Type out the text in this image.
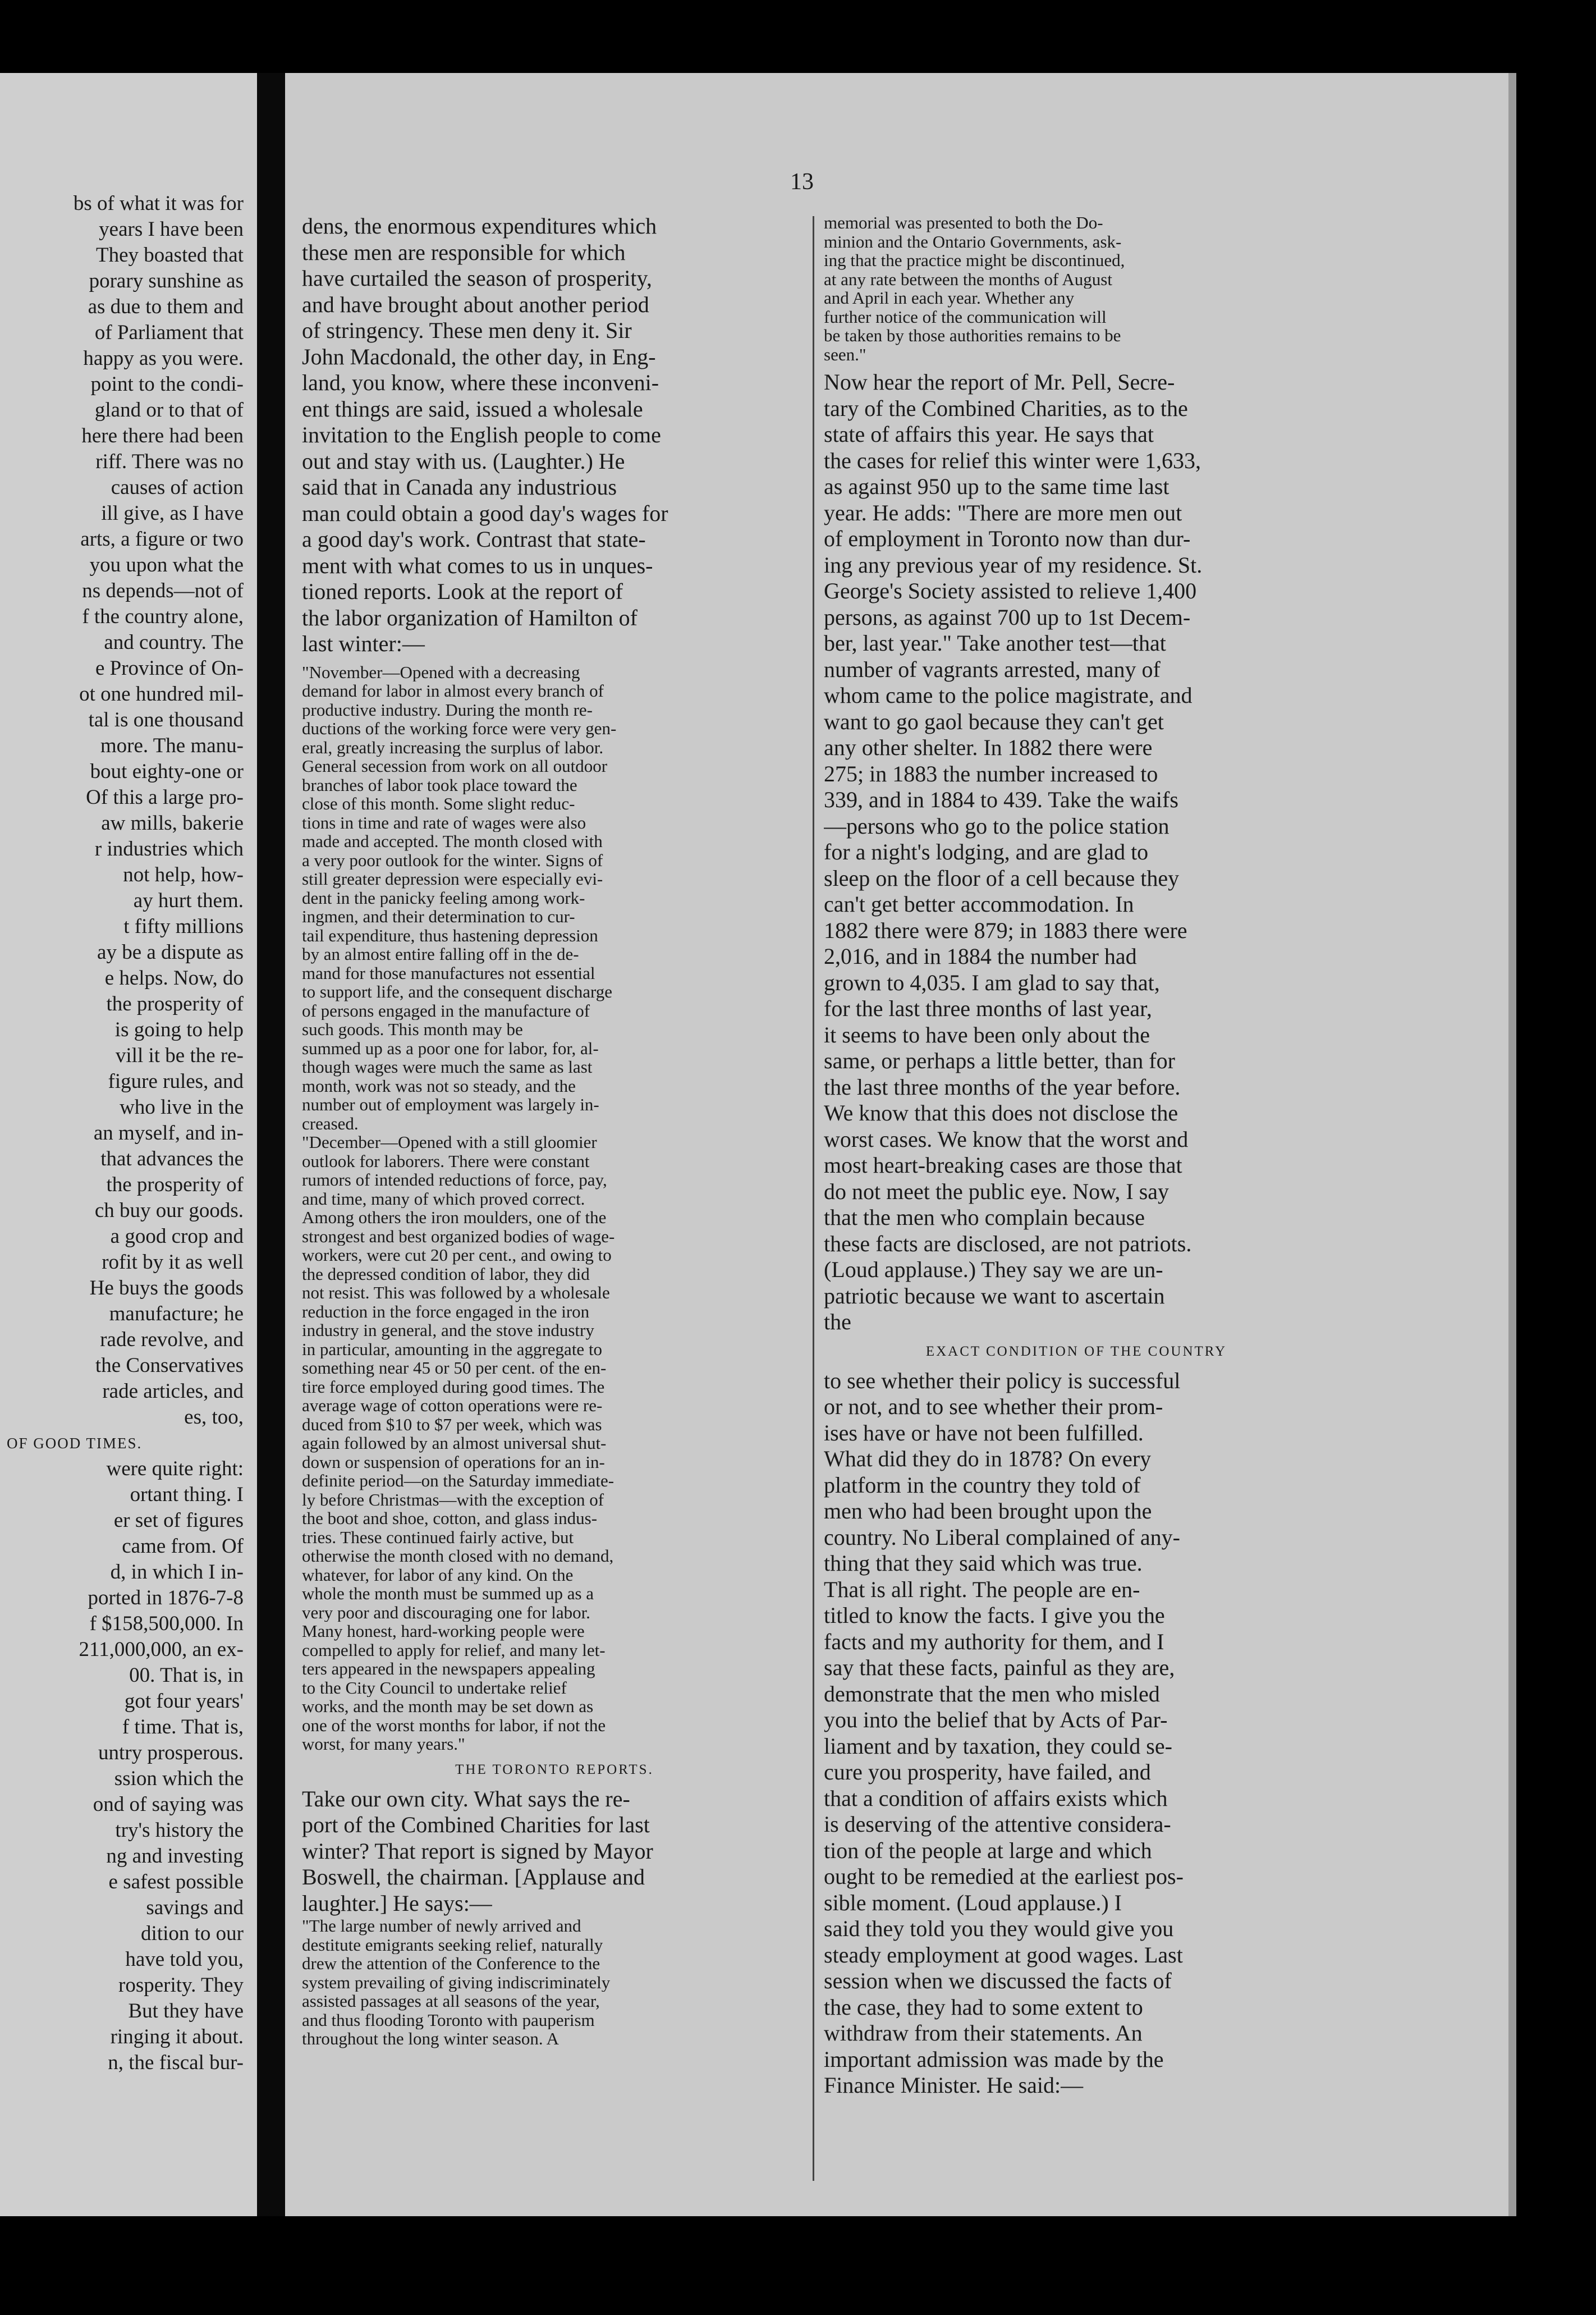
bs of what it was for
years I have been
They boasted that
porary sunshine as
as due to them and
of Parliament that
happy as you were.
point to the condi-
gland or to that of
here there had been
riff. There was no
causes of action
ill give, as I have
arts, a figure or two
you upon what the
ns depends—not of
f the country alone,
and country. The
e Province of On-
ot one hundred mil-
tal is one thousand
more. The manu-
bout eighty-one or
Of this a large pro-
aw mills, bakerie
r industries which
not help, how-
ay hurt them.
t fifty millions
ay be a dispute as
e helps. Now, do
the prosperity of
is going to help
vill it be the re-
figure rules, and
who live in the
an myself, and in-
that advances the
the prosperity of
ch buy our goods.
a good crop and
rofit by it as well
He buys the goods
manufacture; he
rade revolve, and
the Conservatives
rade articles, and
es, too,
OF GOOD TIMES.
were quite right:
ortant thing. I
er set of figures
came from. Of
d, in which I in-
ported in 1876-7-8
f $158,500,000. In
211,000,000, an ex-
00. That is, in
got four years'
f time. That is,
untry prosperous.
ssion which the
ond of saying was
try's history the
ng and investing
e safest possible
savings and
dition to our
have told you,
rosperity. They
But they have
ringing it about.
n, the fiscal bur-
13
dens, the enormous expenditures which
these men are responsible for which
have curtailed the season of prosperity,
and have brought about another period
of stringency. These men deny it. Sir
John Macdonald, the other day, in Eng-
land, you know, where these inconveni-
ent things are said, issued a wholesale
invitation to the English people to come
out and stay with us. (Laughter.) He
said that in Canada any industrious
man could obtain a good day's wages for
a good day's work. Contrast that state-
ment with what comes to us in unques-
tioned reports. Look at the report of
the labor organization of Hamilton of
last winter:—
"November—Opened with a decreasing
demand for labor in almost every branch of
productive industry. During the month re-
ductions of the working force were very gen-
eral, greatly increasing the surplus of labor.
General secession from work on all outdoor
branches of labor took place toward the
close of this month. Some slight reduc-
tions in time and rate of wages were also
made and accepted. The month closed with
a very poor outlook for the winter. Signs of
still greater depression were especially evi-
dent in the panicky feeling among work-
ingmen, and their determination to cur-
tail expenditure, thus hastening depression
by an almost entire falling off in the de-
mand for those manufactures not essential
to support life, and the consequent discharge
of persons engaged in the manufacture of
such goods. This month may be
summed up as a poor one for labor, for, al-
though wages were much the same as last
month, work was not so steady, and the
number out of employment was largely in-
creased.
"December—Opened with a still gloomier
outlook for laborers. There were constant
rumors of intended reductions of force, pay,
and time, many of which proved correct.
Among others the iron moulders, one of the
strongest and best organized bodies of wage-
workers, were cut 20 per cent., and owing to
the depressed condition of labor, they did
not resist. This was followed by a wholesale
reduction in the force engaged in the iron
industry in general, and the stove industry
in particular, amounting in the aggregate to
something near 45 or 50 per cent. of the en-
tire force employed during good times. The
average wage of cotton operations were re-
duced from $10 to $7 per week, which was
again followed by an almost universal shut-
down or suspension of operations for an in-
definite period—on the Saturday immediate-
ly before Christmas—with the exception of
the boot and shoe, cotton, and glass indus-
tries. These continued fairly active, but
otherwise the month closed with no demand,
whatever, for labor of any kind. On the
whole the month must be summed up as a
very poor and discouraging one for labor.
Many honest, hard-working people were
compelled to apply for relief, and many let-
ters appeared in the newspapers appealing
to the City Council to undertake relief
works, and the month may be set down as
one of the worst months for labor, if not the
worst, for many years."
THE TORONTO REPORTS.
Take our own city. What says the re-
port of the Combined Charities for last
winter? That report is signed by Mayor
Boswell, the chairman. [Applause and
laughter.] He says:—
"The large number of newly arrived and
destitute emigrants seeking relief, naturally
drew the attention of the Conference to the
system prevailing of giving indiscriminately
assisted passages at all seasons of the year,
and thus flooding Toronto with pauperism
throughout the long winter season. A
memorial was presented to both the Do-
minion and the Ontario Governments, ask-
ing that the practice might be discontinued,
at any rate between the months of August
and April in each year. Whether any
further notice of the communication will
be taken by those authorities remains to be
seen."
Now hear the report of Mr. Pell, Secre-
tary of the Combined Charities, as to the
state of affairs this year. He says that
the cases for relief this winter were 1,633,
as against 950 up to the same time last
year. He adds: "There are more men out
of employment in Toronto now than dur-
ing any previous year of my residence. St.
George's Society assisted to relieve 1,400
persons, as against 700 up to 1st Decem-
ber, last year." Take another test—that
number of vagrants arrested, many of
whom came to the police magistrate, and
want to go gaol because they can't get
any other shelter. In 1882 there were
275; in 1883 the number increased to
339, and in 1884 to 439. Take the waifs
—persons who go to the police station
for a night's lodging, and are glad to
sleep on the floor of a cell because they
can't get better accommodation. In
1882 there were 879; in 1883 there were
2,016, and in 1884 the number had
grown to 4,035. I am glad to say that,
for the last three months of last year,
it seems to have been only about the
same, or perhaps a little better, than for
the last three months of the year before.
We know that this does not disclose the
worst cases. We know that the worst and
most heart-breaking cases are those that
do not meet the public eye. Now, I say
that the men who complain because
these facts are disclosed, are not patriots.
(Loud applause.) They say we are un-
patriotic because we want to ascertain
the
EXACT CONDITION OF THE COUNTRY
to see whether their policy is successful
or not, and to see whether their prom-
ises have or have not been fulfilled.
What did they do in 1878? On every
platform in the country they told of
men who had been brought upon the
country. No Liberal complained of any-
thing that they said which was true.
That is all right. The people are en-
titled to know the facts. I give you the
facts and my authority for them, and I
say that these facts, painful as they are,
demonstrate that the men who misled
you into the belief that by Acts of Par-
liament and by taxation, they could se-
cure you prosperity, have failed, and
that a condition of affairs exists which
is deserving of the attentive considera-
tion of the people at large and which
ought to be remedied at the earliest pos-
sible moment. (Loud applause.) I
said they told you they would give you
steady employment at good wages. Last
session when we discussed the facts of
the case, they had to some extent to
withdraw from their statements. An
important admission was made by the
Finance Minister. He said:—
